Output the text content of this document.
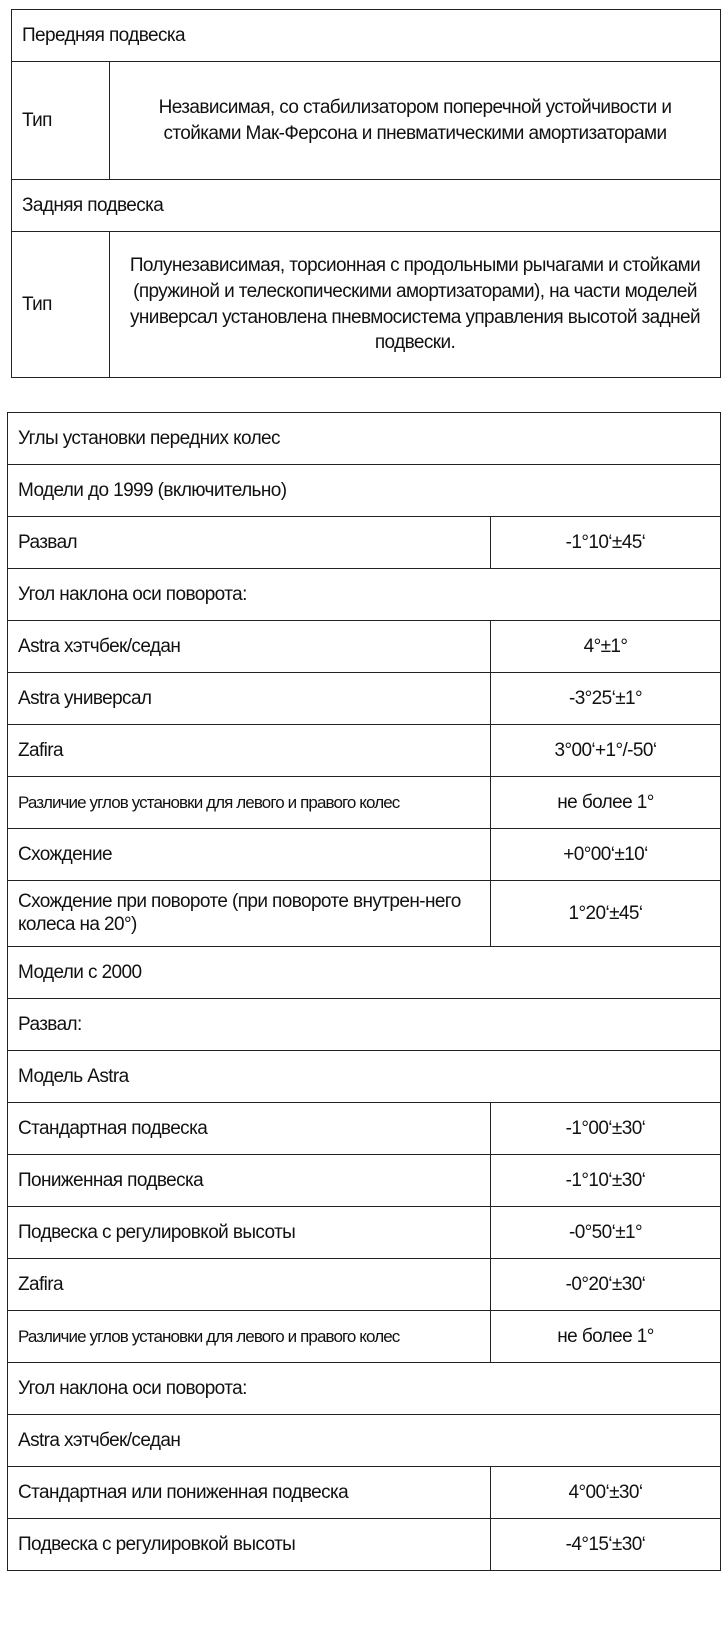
Передняя подвеска	
Тип	Независимая, со стабилизатором поперечной устойчивости и стойками Мак-Ферсона и пневматическими амортизаторами
Задняя подвеска	
Тип	Полунезависимая, торсионная с продольными рычагами и стойками (пружиной и телескопическими амортизаторами), на части моделей универсал установлена пневмосистема управления высотой задней подвески.
Углы установки передних колес	
Модели до 1999 (включительно)	
Развал	-1°10‘±45‘
Угол наклона оси поворота:	
Astra хэтчбек/седан	4°±1°
Astra универсал	-3°25‘±1°
Zafira	3°00‘+1°/-50‘
Различие углов установки для левого и правого колес	не более 1°
Схождение	+0°00‘±10‘
Схождение при повороте (при повороте внутрен-него колеса на 20°)	1°20‘±45‘
Модели с 2000	
Развал:	
Модель Astra	
Стандартная подвеска	-1°00‘±30‘
Пониженная подвеска	-1°10‘±30‘
Подвеска с регулировкой высоты	-0°50‘±1°
Zafira	-0°20‘±30‘
Различие углов установки для левого и правого колес	не более 1°
Угол наклона оси поворота:	
Astra хэтчбек/седан	
Стандартная или пониженная подвеска	4°00‘±30‘
Подвеска с регулировкой высоты	-4°15‘±30‘
